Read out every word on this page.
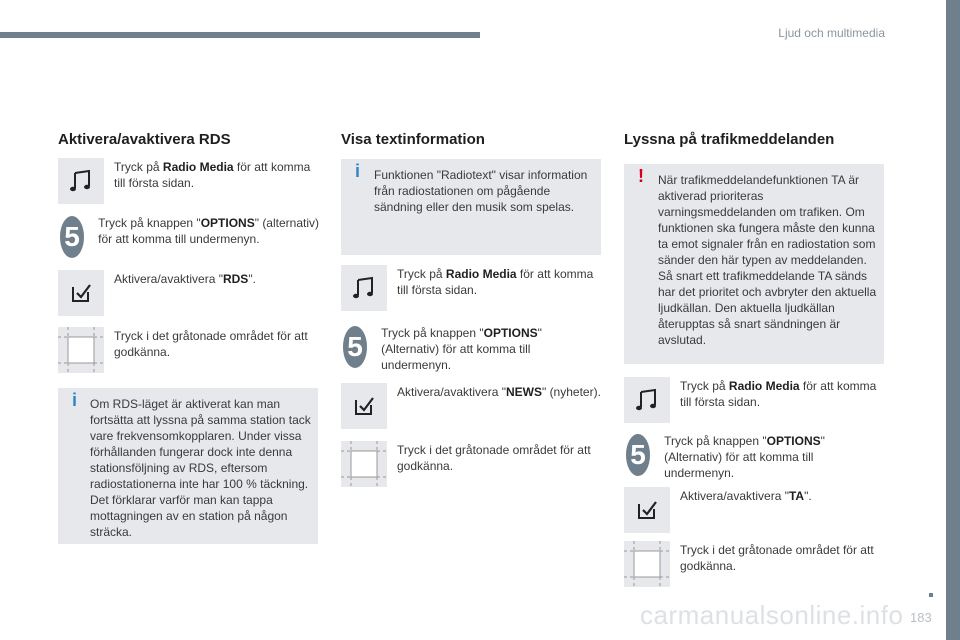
Ljud och multimedia
Aktivera/avaktivera RDS
Tryck på Radio Media för att komma till första sidan.
5	Tryck på knappen "OPTIONS" (alternativ) för att komma till undermenyn.
Aktivera/avaktivera "RDS".
Tryck i det gråtonade området för att godkänna.
i Om RDS-läget är aktiverat kan man fortsätta att lyssna på samma station tack vare frekvensomkopplaren. Under vissa förhållanden fungerar dock inte denna stationsföljning av RDS, eftersom radiostationerna inte har 100 % täckning. Det förklarar varför man kan tappa mottagningen av en station på någon sträcka.
Visa textinformation
i Funktionen "Radiotext" visar information från radiostationen om pågående sändning eller den musik som spelas.
Tryck på Radio Media för att komma till första sidan.
5	Tryck på knappen "OPTIONS" (Alternativ) för att komma till undermenyn.
Aktivera/avaktivera "NEWS" (nyheter).
Tryck i det gråtonade området för att godkänna.
Lyssna på trafikmeddelanden
! När trafikmeddelandefunktionen TA är aktiverad prioriteras varningsmeddelanden om trafiken. Om funktionen ska fungera måste den kunna ta emot signaler från en radiostation som sänder den här typen av meddelanden. Så snart ett trafikmeddelande TA sänds har det prioritet och avbryter den aktuella ljudkällan. Den aktuella ljudkällan återupptas så snart sändningen är avslutad.
Tryck på Radio Media för att komma till första sidan.
5	Tryck på knappen "OPTIONS" (Alternativ) för att komma till undermenyn.
Aktivera/avaktivera "TA".
Tryck i det gråtonade området för att godkänna.
carmanualsonline.info 183
